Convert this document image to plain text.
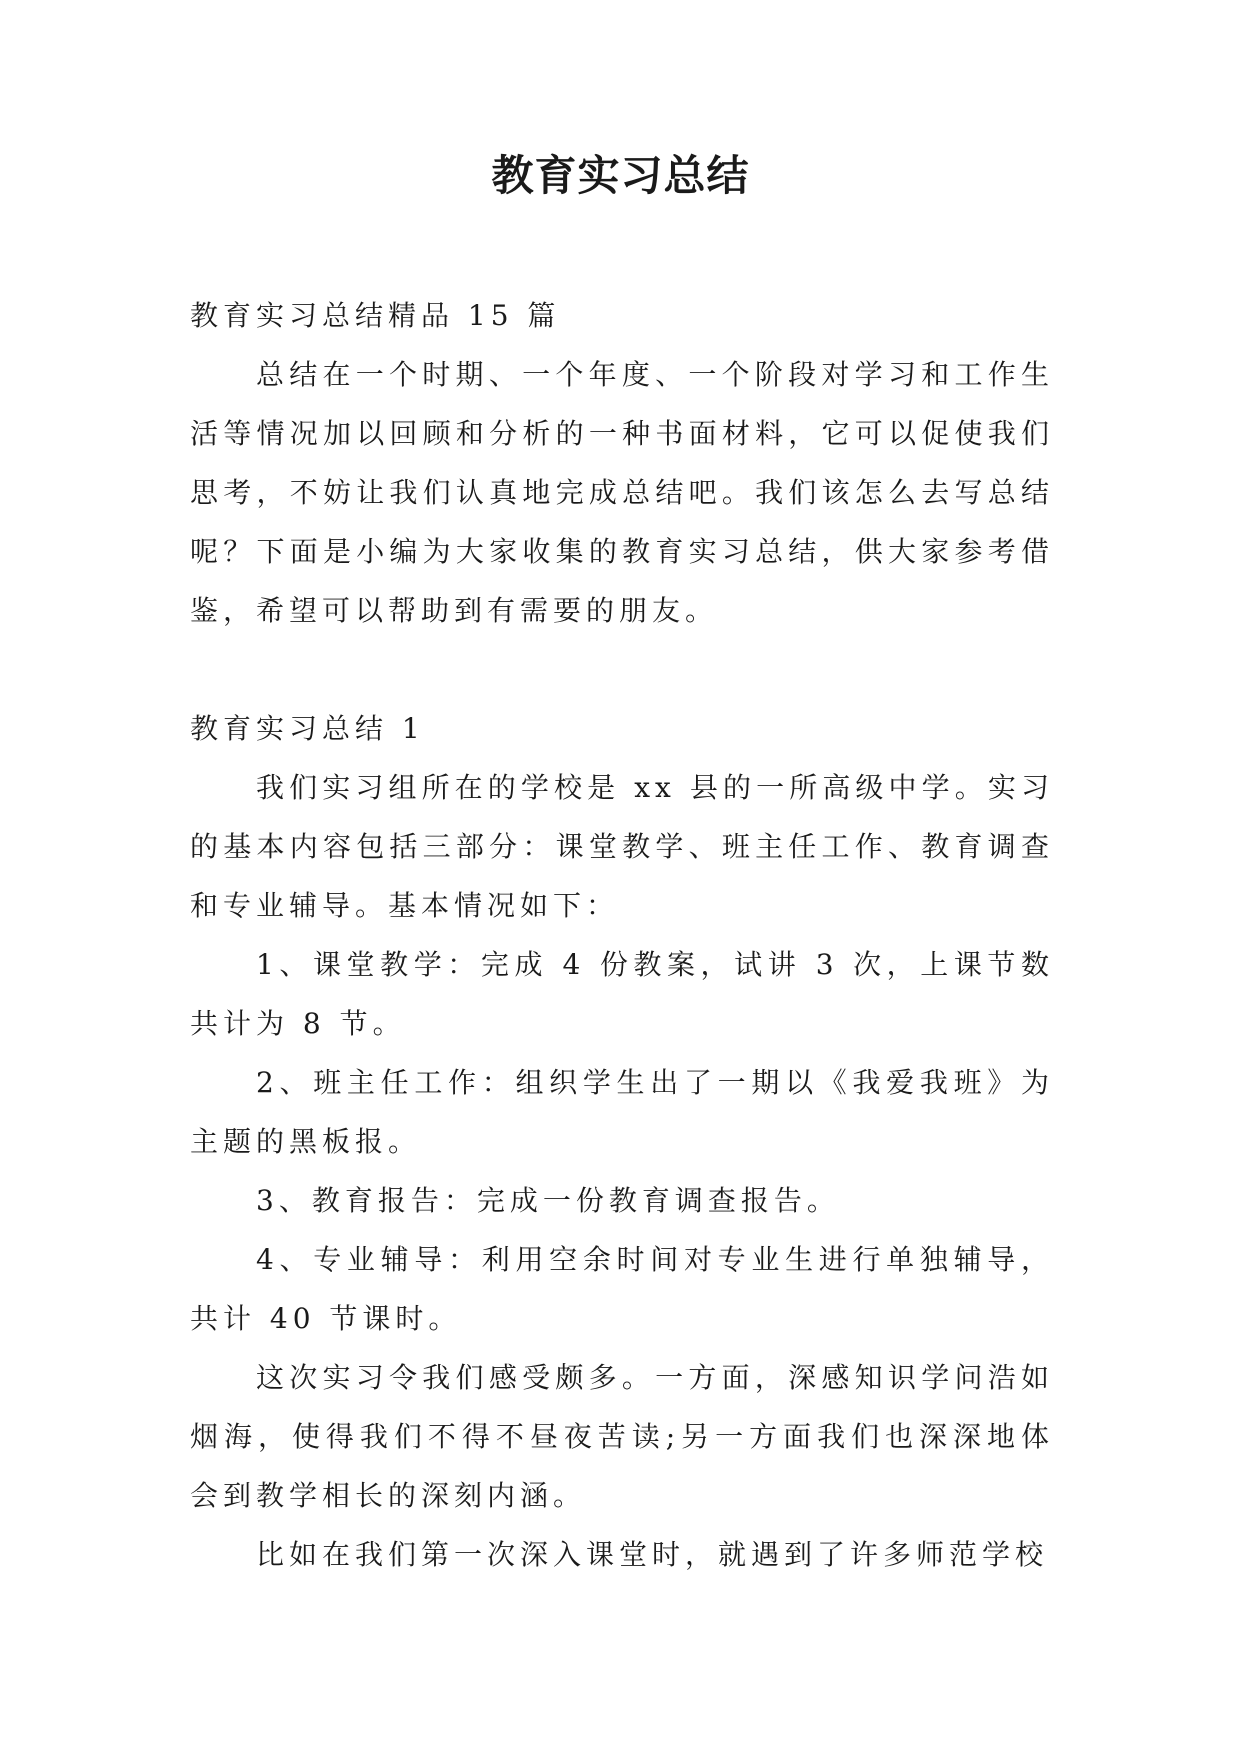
教育实习总结

教育实习总结精品 15 篇

总结在一个时期、一个年度、一个阶段对学习和工作生活等情况加以回顾和分析的一种书面材料，它可以促使我们思考，不妨让我们认真地完成总结吧。我们该怎么去写总结呢？下面是小编为大家收集的教育实习总结，供大家参考借鉴，希望可以帮助到有需要的朋友。

教育实习总结 1

我们实习组所在的学校是 xx 县的一所高级中学。实习的基本内容包括三部分：课堂教学、班主任工作、教育调查和专业辅导。基本情况如下：

1、课堂教学：完成 4 份教案，试讲 3 次，上课节数共计为 8 节。

2、班主任工作：组织学生出了一期以《我爱我班》为主题的黑板报。

3、教育报告：完成一份教育调查报告。

4、专业辅导：利用空余时间对专业生进行单独辅导，共计 40 节课时。

这次实习令我们感受颇多。一方面，深感知识学问浩如烟海，使得我们不得不昼夜苦读;另一方面我们也深深地体会到教学相长的深刻内涵。

比如在我们第一次深入课堂时，就遇到了许多师范学校
